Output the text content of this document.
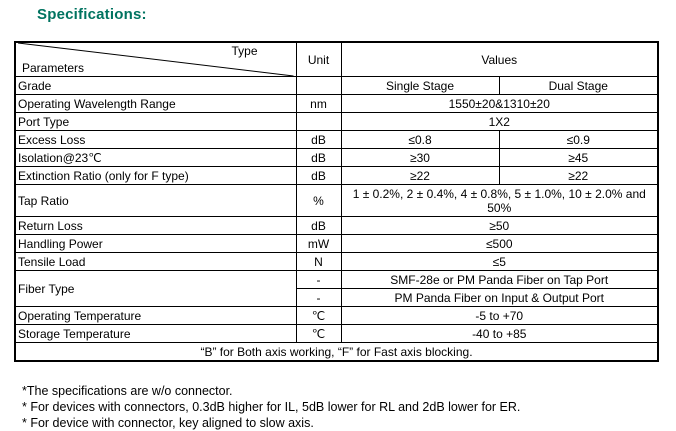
Specifications:
Type
Parameters	Unit	Values	
Grade		Single Stage	Dual Stage
Operating Wavelength Range	nm	1550±20&1310±20	
Port Type		1X2	
Excess Loss	dB	≤0.8	≤0.9
Isolation@23℃	dB	≥30	≥45
Extinction Ratio (only for F type)	dB	≥22	≥22
Tap Ratio	%	1 ± 0.2%, 2 ± 0.4%, 4 ± 0.8%, 5 ± 1.0%, 10 ± 2.0% and 50%	
Return Loss	dB	≥50	
Handling Power	mW	≤500	
Tensile Load	N	≤5	
Fiber Type	-	SMF-28e or PM Panda Fiber on Tap Port	
	-	PM Panda Fiber on Input & Output Port	
Operating Temperature	℃	-5 to +70	
Storage Temperature	℃	-40 to +85	
“B” for Both axis working, “F” for Fast axis blocking.			
*The specifications are w/o connector.
* For devices with connectors, 0.3dB higher for IL, 5dB lower for RL and 2dB lower for ER.
* For device with connector, key aligned to slow axis.
